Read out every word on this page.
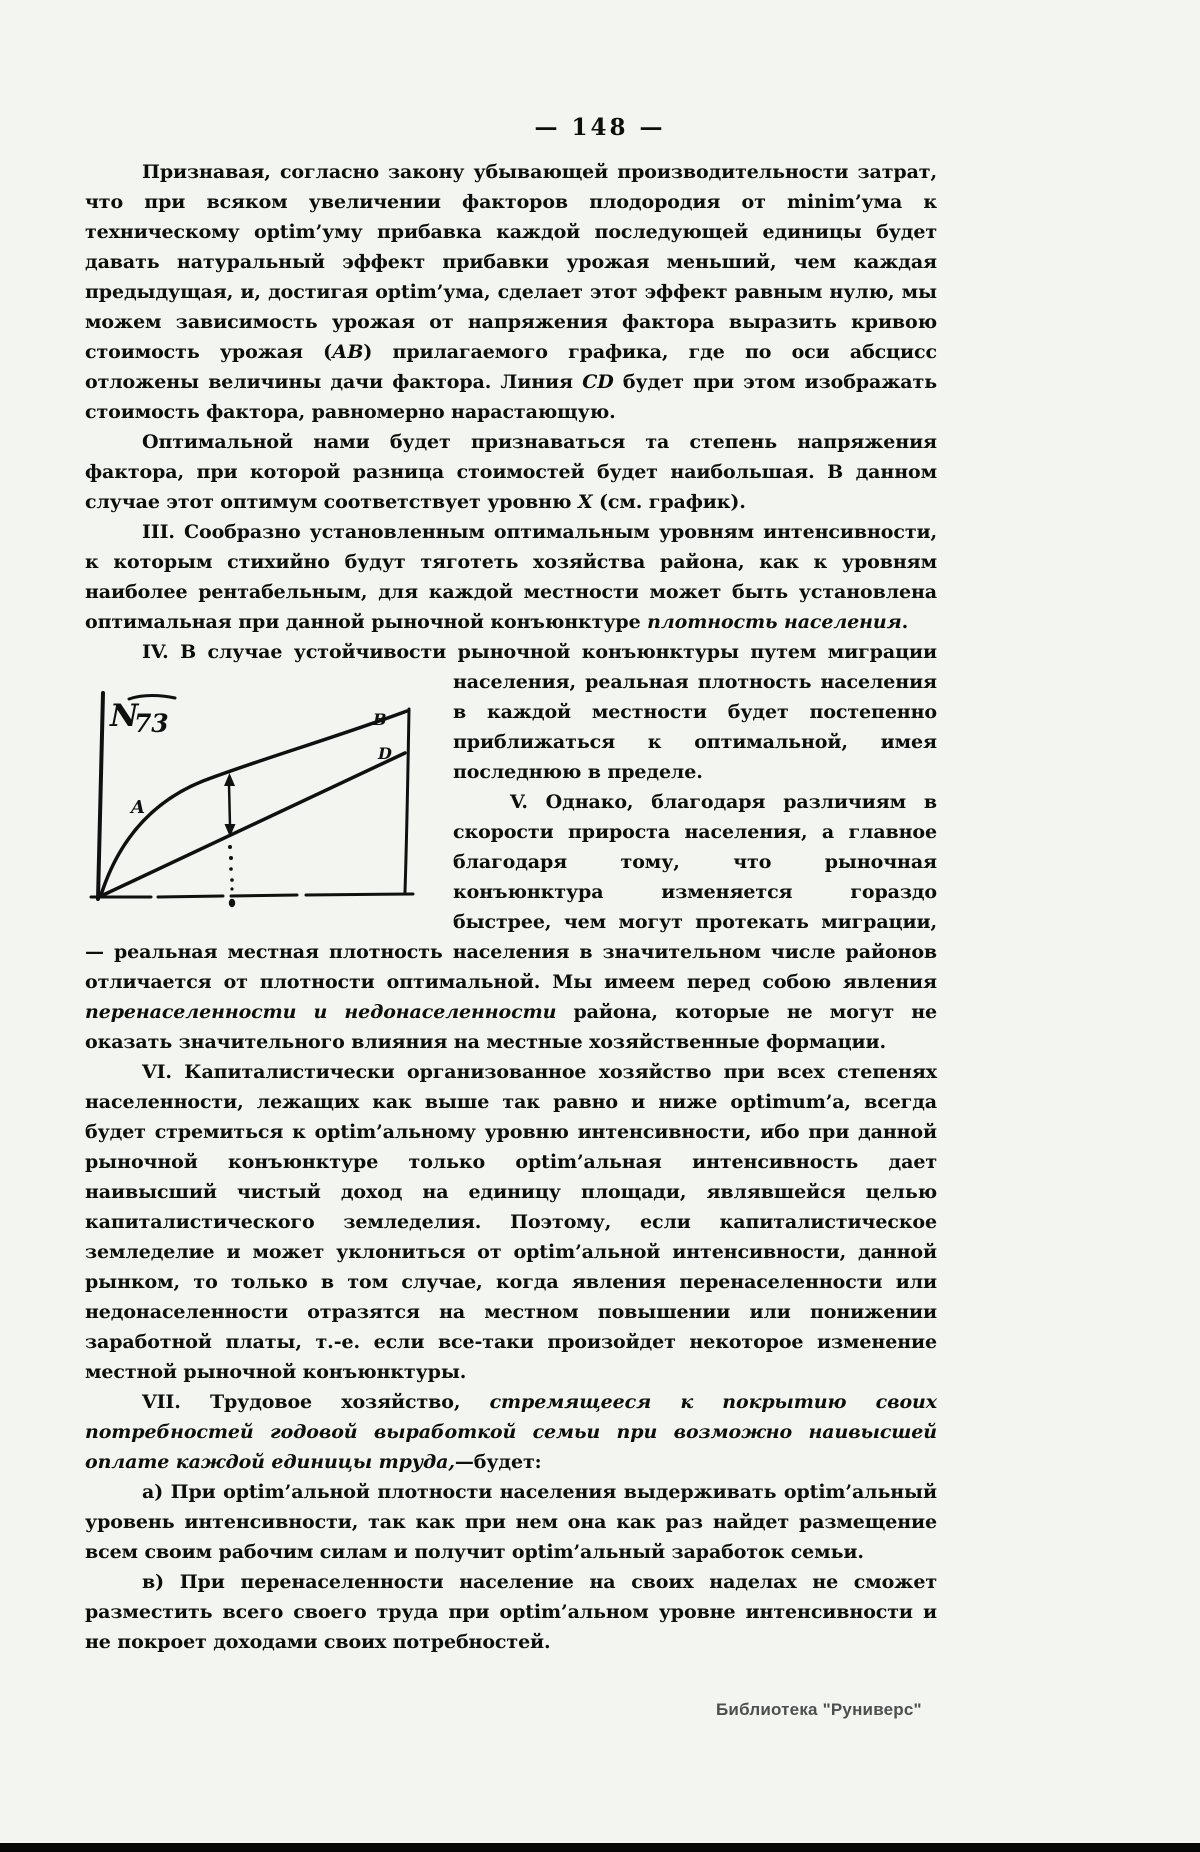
— 148 —

Признавая, согласно закону убывающей производительности затрат, что при всяком увеличении факторов плодородия от minim’ума к техническому optim’уму прибавка каждой последующей единицы будет давать натуральный эффект прибавки урожая меньший, чем каждая предыдущая, и, достигая optim’ума, сделает этот эффект равным нулю, мы можем зависимость урожая от напряжения фактора выразить кривою стоимость урожая (АВ) прилагаемого графика, где по оси абсцисс отложены величины дачи фактора. Линия CD будет при этом изображать стоимость фактора, равномерно нарастающую.

Оптимальной нами будет признаваться та степень напряжения фактора, при которой разница стоимостей будет наибольшая. В данном случае этот оптимум соответствует уровню X (см. график).

III. Сообразно установленным оптимальным уровням интенсивности, к которым стихийно будут тяготеть хозяйства района, как к уровням наиболее рентабельным, для каждой местности может быть установлена оптимальная при данной рыночной конъюнктуре плотность населения.

IV. В случае устойчивости рыночной конъюнктуры путем миграции населения,
N
73
A
B
D
реальная плотность населения в каждой местности будет постепенно приближаться к оптимальной, имея последнюю в пределе.

V. Однако, благодаря различиям в скорости прироста населения, а главное благодаря тому, что рыночная конъюнктура изменяется гораздо быстрее, чем могут протекать миграции, — реальная местная плотность населения в значительном числе районов отличается от плотности оптимальной. Мы имеем перед собою явления перенаселенности и недонаселенности района, которые не могут не оказать значительного влияния на местные хозяйственные формации.

VI. Капиталистически организованное хозяйство при всех степенях населенности, лежащих как выше так равно и ниже optimum’а, всегда будет стремиться к optim’альному уровню интенсивности, ибо при данной рыночной конъюнктуре только optim’альная интенсивность дает наивысший чистый доход на единицу площади, являвшейся целью капиталистического земледелия. Поэтому, если капиталистическое земледелие и может уклониться от optim’альной интенсивности, данной рынком, то только в том случае, когда явления перенаселенности или недонаселенности отразятся на местном повышении или понижении заработной платы, т.-е. если все-таки произойдет некоторое изменение местной рыночной конъюнктуры.

VII. Трудовое хозяйство, стремящееся к покрытию своих потребностей годовой выработкой семьи при возможно наивысшей оплате каждой единицы труда,—будет:

а) При optim’альной плотности населения выдерживать optim’альный уровень интенсивности, так как при нем она как раз найдет размещение всем своим рабочим силам и получит optim’альный заработок семьи.

в) При перенаселенности население на своих наделах не сможет разместить всего своего труда при optim’альном уровне интенсивности и не покроет доходами своих потребностей.

Библиотека "Руниверс"
